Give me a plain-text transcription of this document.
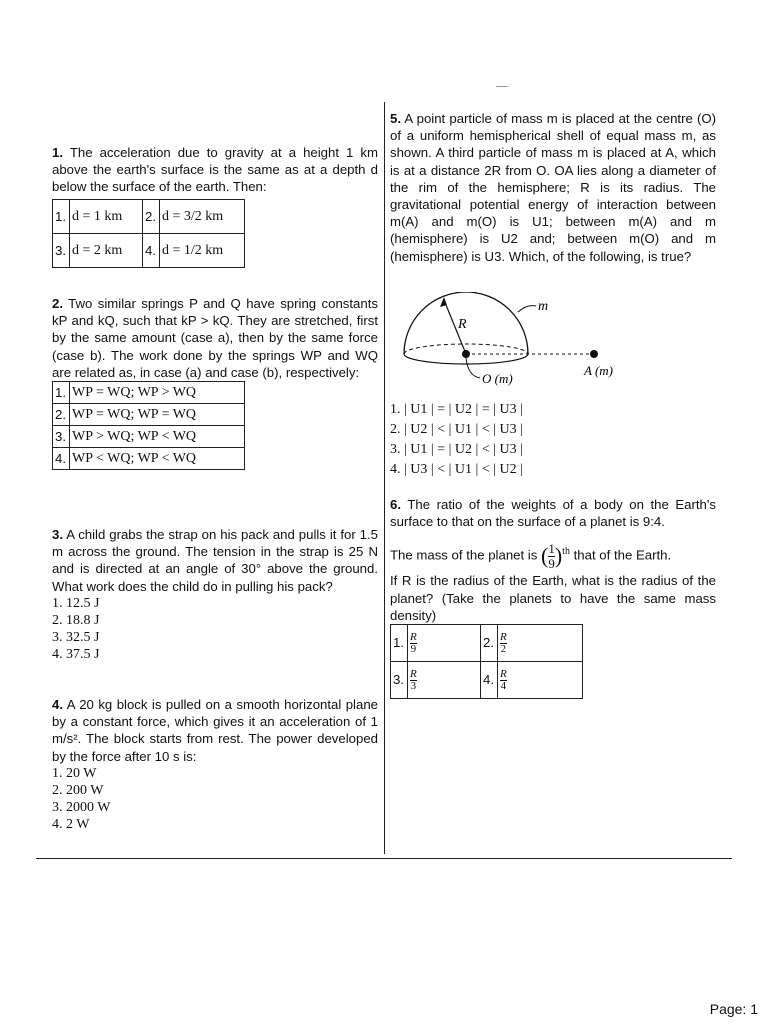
1. The acceleration due to gravity at a height 1 km above the earth's surface is the same as at a depth d below the surface of the earth. Then:

1.	d = 1 km	2.	d = 3/2 km
3.	d = 2 km	4.	d = 1/2 km

2. Two similar springs P and Q have spring constants kP and kQ, such that kP > kQ. They are stretched, first by the same amount (case a), then by the same force (case b). The work done by the springs WP and WQ are related as, in case (a) and case (b), respectively:

1.	WP = WQ; WP > WQ
2.	WP = WQ; WP = WQ
3.	WP > WQ; WP < WQ
4.	WP < WQ; WP < WQ

3. A child grabs the strap on his pack and pulls it for 1.5 m across the ground. The tension in the strap is 25 N and is directed at an angle of 30° above the ground. What work does the child do in pulling his pack?

1. 12.5 J
2. 18.8 J
3. 32.5 J
4. 37.5 J

4. A 20 kg block is pulled on a smooth horizontal plane by a constant force, which gives it an acceleration of 1 m/s². The block starts from rest. The power developed by the force after 10 s is:

1. 20 W
2. 200 W
3. 2000 W
4. 2 W

5. A point particle of mass m is placed at the centre (O) of a uniform hemispherical shell of equal mass m, as shown. A third particle of mass m is placed at A, which is at a distance 2R from O. OA lies along a diameter of the rim of the hemisphere; R is its radius. The gravitational potential energy of interaction between m(A) and m(O) is U1; between m(A) and m (hemisphere) is U2 and; between m(O) and m (hemisphere) is U3. Which, of the following, is true?

m
R
O (m)
A (m)
1. | U1 | = | U2 | = | U3 |
2. | U2 | < | U1 | < | U3 |
3. | U1 | = | U2 | < | U3 |
4. | U3 | < | U1 | < | U2 |

6. The ratio of the weights of a body on the Earth's surface to that on the surface of a planet is 9:4.

The mass of the planet is ( $\frac{1}{9} )^{th}$ that of the Earth.

If R is the radius of the Earth, what is the radius of the planet? (Take the planets to have the same mass density)

1.	$\frac{R}{9}$	2.	$\frac{R}{2}$

3.	$\frac{R}{3}$	4.	$\frac{R}{4}$
Page: 1
